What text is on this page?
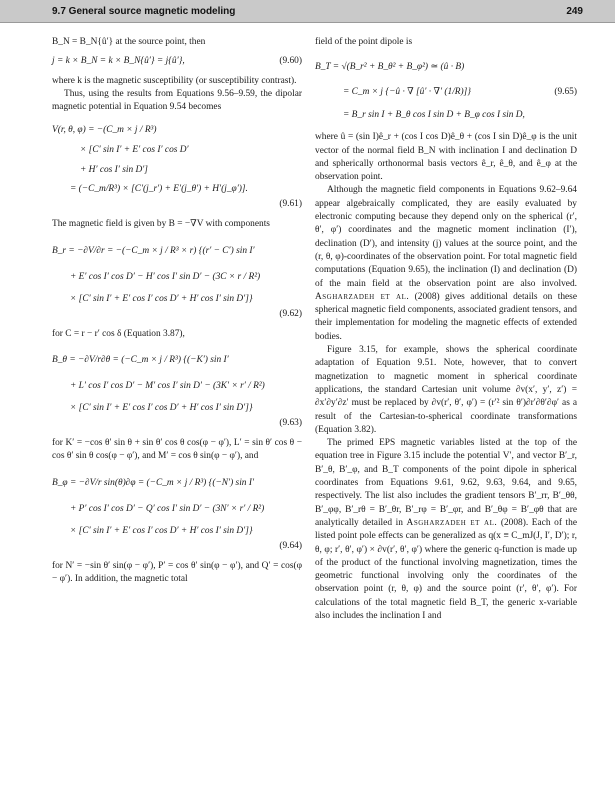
9.7 General source magnetic modeling	249
B_N = B_N{û′} at the source point, then
j = k × B_N = k × B_N{û′} = j{û′},	(9.60)

where k is the magnetic susceptibility (or susceptibility contrast).

Thus, using the results from Equations 9.56–9.59, the dipolar magnetic potential in Equation 9.54 becomes

V(r, θ, φ) = −(C_m × j / R³)
× [C′ sin I′ + E′ cos I′ cos D′
+ H′ cos I′ sin D′]
= (−C_m/R³) × [C′(j_r′) + E′(j_θ′) + H′(j_φ′)].
(9.61)

The magnetic field is given by B = −∇V with components

B_r = −∂V/∂r = −(−C_m × j / R³ × r) {(r′ − C′) sin I′
+ E′ cos I′ cos D′ − H′ cos I′ sin D′ − (3C × r / R²)
× [C′ sin I′ + E′ cos I′ cos D′ + H′ cos I′ sin D′]}
(9.62)

for C = r − r′ cos δ (Equation 3.87),

B_θ = −∂V/r∂θ = (−C_m × j / R³) {(−K′) sin I′
+ L′ cos I′ cos D′ − M′ cos I′ sin D′ − (3K′ × r′ / R²)
× [C′ sin I′ + E′ cos I′ cos D′ + H′ cos I′ sin D′]}
(9.63)

for K′ = −cos θ′ sin θ + sin θ′ cos θ cos(φ − φ′), L′ = sin θ′ cos θ − cos θ′ sin θ cos(φ − φ′), and M′ = cos θ sin(φ − φ′), and

B_φ = −∂V/r sin(θ)∂φ = (−C_m × j / R³) {(−N′) sin I′
+ P′ cos I′ cos D′ − Q′ cos I′ sin D′ − (3N′ × r′ / R²)
× [C′ sin I′ + E′ cos I′ cos D′ + H′ cos I′ sin D′]}
(9.64)

for N′ = −sin θ′ sin(φ − φ′), P′ = cos θ′ sin(φ − φ′), and Q′ = cos(φ − φ′). In addition, the magnetic total

field of the point dipole is
B_T = √(B_r² + B_θ² + B_φ²) ≃ (û · B)
= C_m × j {−û · ∇ [û′ · ∇′ (1/R)]}	(9.65)
= B_r sin I + B_θ cos I sin D + B_φ cos I sin D,

where û = (sin I)ê_r + (cos I cos D)ê_θ + (cos I sin D)ê_φ is the unit vector of the normal field B_N with inclination I and declination D and spherically orthonormal basis vectors ê_r, ê_θ, and ê_φ at the observation point.

Although the magnetic field components in Equations 9.62–9.64 appear algebraically complicated, they are easily evaluated by electronic computing because they depend only on the spherical (r′, θ′, φ′) coordinates and the magnetic moment inclination (I′), declination (D′), and intensity (j) values at the source point, and the (r, θ, φ)-coordinates of the observation point. For total magnetic field computations (Equation 9.65), the inclination (I) and declination (D) of the main field at the observation point are also involved. Asgharzadeh et al. (2008) gives additional details on these spherical magnetic field components, associated gradient tensors, and their implementation for modeling the magnetic effects of extended bodies.

Figure 3.15, for example, shows the spherical coordinate adaptation of Equation 9.51. Note, however, that to convert magnetization to magnetic moment in spherical coordinate applications, the standard Cartesian unit volume ∂v(x′, y′, z′) = ∂x′∂y′∂z′ must be replaced by ∂v(r′, θ′, φ′) = (r′² sin θ′)∂r′∂θ′∂φ′ as a result of the Cartesian-to-spherical coordinate transformations (Equation 3.82).

The primed EPS magnetic variables listed at the top of the equation tree in Figure 3.15 include the potential V′, and vector B′_r, B′_θ, B′_φ, and B_T components of the point dipole in spherical coordinates from Equations 9.61, 9.62, 9.63, 9.64, and 9.65, respectively. The list also includes the gradient tensors B′_rr, B′_θθ, B′_φφ, B′_rθ = B′_θr, B′_rφ = B′_φr, and B′_θφ = B′_φθ that are analytically detailed in Asgharzadeh et al. (2008). Each of the listed point pole effects can be generalized as q(x ≡ C_mJ(J, I′, D′); r, θ, φ; r′, θ′, φ′) × ∂v(r′, θ′, φ′) where the generic q-function is made up of the product of the functional involving magnetization, times the geometric functional involving only the coordinates of the observation point (r, θ, φ) and the source point (r′, θ′, φ′). For calculations of the total magnetic field B_T, the generic x-variable also includes the inclination I and
